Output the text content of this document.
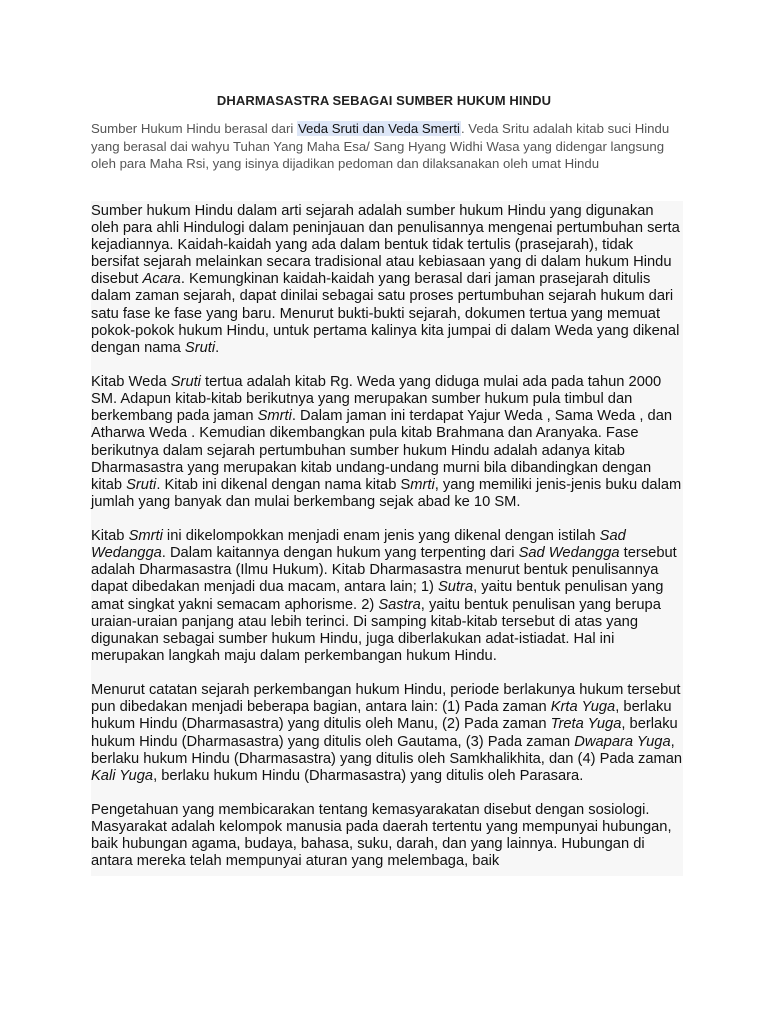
DHARMASASTRA SEBAGAI SUMBER HUKUM HINDU
Sumber Hukum Hindu berasal dari Veda Sruti dan Veda Smerti. Veda Sritu adalah kitab suci Hindu yang berasal dai wahyu Tuhan Yang Maha Esa/ Sang Hyang Widhi Wasa yang didengar langsung oleh para Maha Rsi, yang isinya dijadikan pedoman dan dilaksanakan oleh umat Hindu

Sumber hukum Hindu dalam arti sejarah adalah sumber hukum Hindu yang digunakan oleh para ahli Hindulogi dalam peninjauan dan penulisannya mengenai pertumbuhan serta kejadiannya. Kaidah-kaidah yang ada dalam bentuk tidak tertulis (prasejarah), tidak bersifat sejarah melainkan secara tradisional atau kebiasaan yang di dalam hukum Hindu disebut Acara. Kemungkinan kaidah-kaidah yang berasal dari jaman prasejarah ditulis dalam zaman sejarah, dapat dinilai sebagai satu proses pertumbuhan sejarah hukum dari satu fase ke fase yang baru. Menurut bukti-bukti sejarah, dokumen tertua yang memuat pokok-pokok hukum Hindu, untuk pertama kalinya kita jumpai di dalam Weda yang dikenal dengan nama Sruti.

Kitab Weda Sruti tertua adalah kitab Rg. Weda yang diduga mulai ada pada tahun 2000 SM. Adapun kitab-kitab berikutnya yang merupakan sumber hukum pula timbul dan berkembang pada jaman Smrti. Dalam jaman ini terdapat Yajur Weda , Sama Weda , dan Atharwa Weda . Kemudian dikembangkan pula kitab Brahmana dan Aranyaka. Fase berikutnya dalam sejarah pertumbuhan sumber hukum Hindu adalah adanya kitab Dharmasastra yang merupakan kitab undang-undang murni bila dibandingkan dengan kitab Sruti. Kitab ini dikenal dengan nama kitab Smrti, yang memiliki jenis-jenis buku dalam jumlah yang banyak dan mulai berkembang sejak abad ke 10 SM.

Kitab Smrti ini dikelompokkan menjadi enam jenis yang dikenal dengan istilah Sad Wedangga. Dalam kaitannya dengan hukum yang terpenting dari Sad Wedangga tersebut adalah Dharmasastra (Ilmu Hukum). Kitab Dharmasastra menurut bentuk penulisannya dapat dibedakan menjadi dua macam, antara lain; 1) Sutra, yaitu bentuk penulisan yang amat singkat yakni semacam aphorisme. 2) Sastra, yaitu bentuk penulisan yang berupa uraian-uraian panjang atau lebih terinci. Di samping kitab-kitab tersebut di atas yang digunakan sebagai sumber hukum Hindu, juga diberlakukan adat-istiadat. Hal ini merupakan langkah maju dalam perkembangan hukum Hindu.

Menurut catatan sejarah perkembangan hukum Hindu, periode berlakunya hukum tersebut pun dibedakan menjadi beberapa bagian, antara lain: (1) Pada zaman Krta Yuga, berlaku hukum Hindu (Dharmasastra) yang ditulis oleh Manu, (2) Pada zaman Treta Yuga, berlaku hukum Hindu (Dharmasastra) yang ditulis oleh Gautama, (3) Pada zaman Dwapara Yuga, berlaku hukum Hindu (Dharmasastra) yang ditulis oleh Samkhalikhita, dan (4) Pada zaman Kali Yuga, berlaku hukum Hindu (Dharmasastra) yang ditulis oleh Parasara.

Pengetahuan yang membicarakan tentang kemasyarakatan disebut dengan sosiologi. Masyarakat adalah kelompok manusia pada daerah tertentu yang mempunyai hubungan, baik hubungan agama, budaya, bahasa, suku, darah, dan yang lainnya. Hubungan di antara mereka telah mempunyai aturan yang melembaga, baik
